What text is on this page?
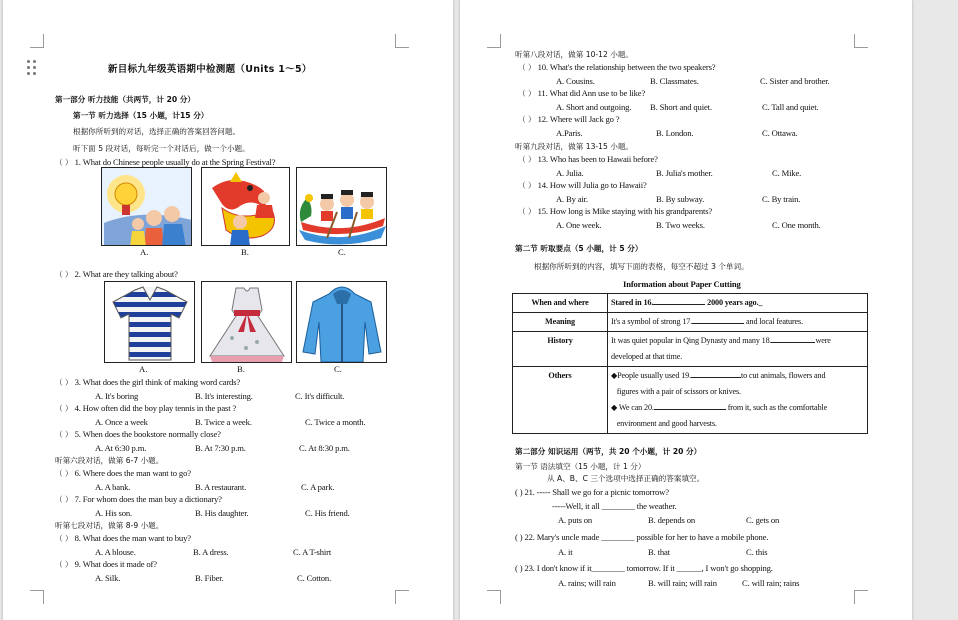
新目标九年级英语期中检测题（Units 1～5）
第一部分 听力技能（共两节，计 20 分）
第一节 听力选择（15 小题，计15 分）
根据你所听到的对话，选择正确的答案回答问题。
听下面 5 段对话，每听完一个对话后，做一个小题。
（ ） 1. What do Chinese people usually do at the Spring Festival?
A.	B.	C.
（ ） 2. What are they talking about?
A.	B.	C.
（ ） 3. What does the girl think of making word cards?
A. It's boring	B. It's interesting.	C. It's difficult.
（ ） 4. How often did the boy play tennis in the past ?
A. Once a week	B. Twice a week.	C. Twice a month.
（ ） 5. When does the bookstore normally close?
A. At 6:30 p.m.	B. At 7:30 p.m.	C. At 8:30 p.m.
听第六段对话，做第 6-7 小题。
（ ） 6. Where does the man want to go?
A. A bank.	B. A restaurant.	C. A park.
（ ） 7. For whom does the man buy a dictionary?
A. His son.	B. His daughter.	C. His friend.
听第七段对话，做第 8-9 小题。
（ ） 8. What does the man want to buy?
A. A blouse.	B. A dress.	C. A T-shirt
（ ） 9. What does it made of?
A. Silk.	B. Fiber.	C. Cotton.
听第八段对话，做第 10-12 小题。
（ ） 10. What's the relationship between the two speakers?
A. Cousins.	B. Classmates.	C. Sister and brother.
（ ） 11. What did Ann use to be like?
A. Short and outgoing. B. Short and quiet.	C. Tall and quiet.
（ ） 12. Where will Jack go ?
A.Paris.	B. London.	C. Ottawa.
听第九段对话，做第 13-15 小题。
（ ） 13. Who has been to Hawaii before?
A. Julia.	B. Julia's mother.	C. Mike.
（ ） 14. How will Julia go to Hawaii?
A. By air.	B. By subway.	C. By train.
（ ） 15. How long is Mike staying with his grandparents?
A. One week.	B. Two weeks.	C. One month.
第二节 听取要点（5 小题，计 5 分）
根据你所听到的内容，填写下面的表格，每空不超过 3 个单词。
Information about Paper Cutting
When and where	Stared in 16. 2000 years ago._
Meaning	It's a symbol of strong 17. and local features.
History	It was quiet popular in Qing Dynasty and many 18. were
developed at that time.
Others	◆People usually used 19. to cut animals, flowers and
figures with a pair of scissors or knives.
◆ We can 20. from it, such as the comfortable
environment and good harvests.
第二部分 知识运用（两节，共 20 个小题，计 20 分）
第一节 语法填空（15 小题，计 1 分）
从 A、B、C 三个选项中选择正确的答案填空。
( ) 21. ----- Shall we go for a picnic tomorrow?
-----Well, it all ________ the weather.
A. puts on	B. depends on	C. gets on
( ) 22. Mary's uncle made ________ possible for her to have a mobile phone.
A. it	B. that	C. this
( ) 23. I don't know if it________ tomorrow. If it ______, I won't go shopping.
A. rains; will rain	B. will rain; will rain	C. will rain; rains
